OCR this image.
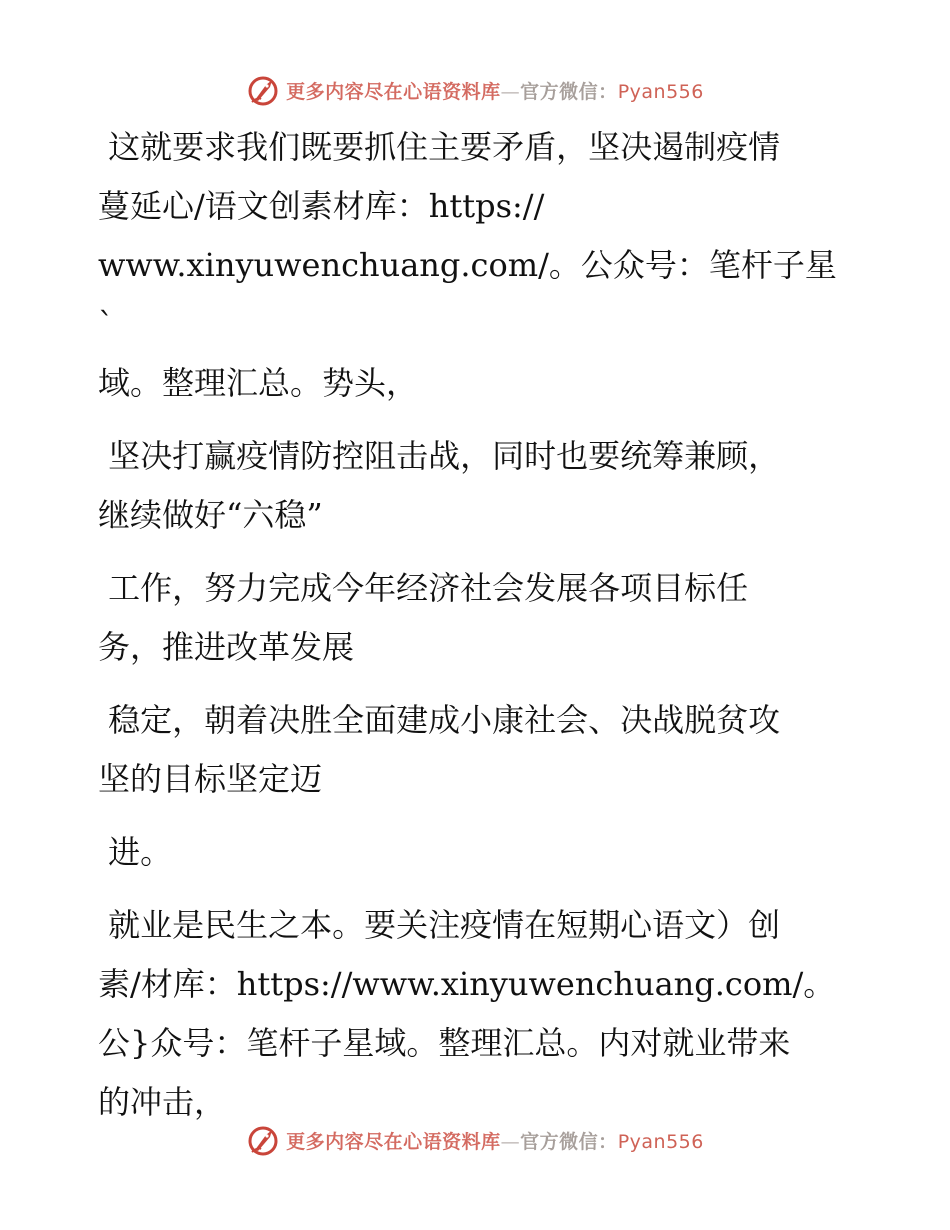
更多内容尽在心语资料库—官方微信：Pyan556
这就要求我们既要抓住主要矛盾，坚决遏制疫情
蔓延心/语文创素材库：https://
www.xinyuwenchuang.com/。公众号：笔杆子星`
域。整理汇总。势头，
坚决打赢疫情防控阻击战，同时也要统筹兼顾，
继续做好“六稳”
工作，努力完成今年经济社会发展各项目标任
务，推进改革发展
稳定，朝着决胜全面建成小康社会、决战脱贫攻
坚的目标坚定迈
进。
就业是民生之本。要关注疫情在短期心语文）创
素/材库：https://www.xinyuwenchuang.com/。
公}众号：笔杆子星域。整理汇总。内对就业带来
的冲击，
更多内容尽在心语资料库—官方微信：Pyan556
